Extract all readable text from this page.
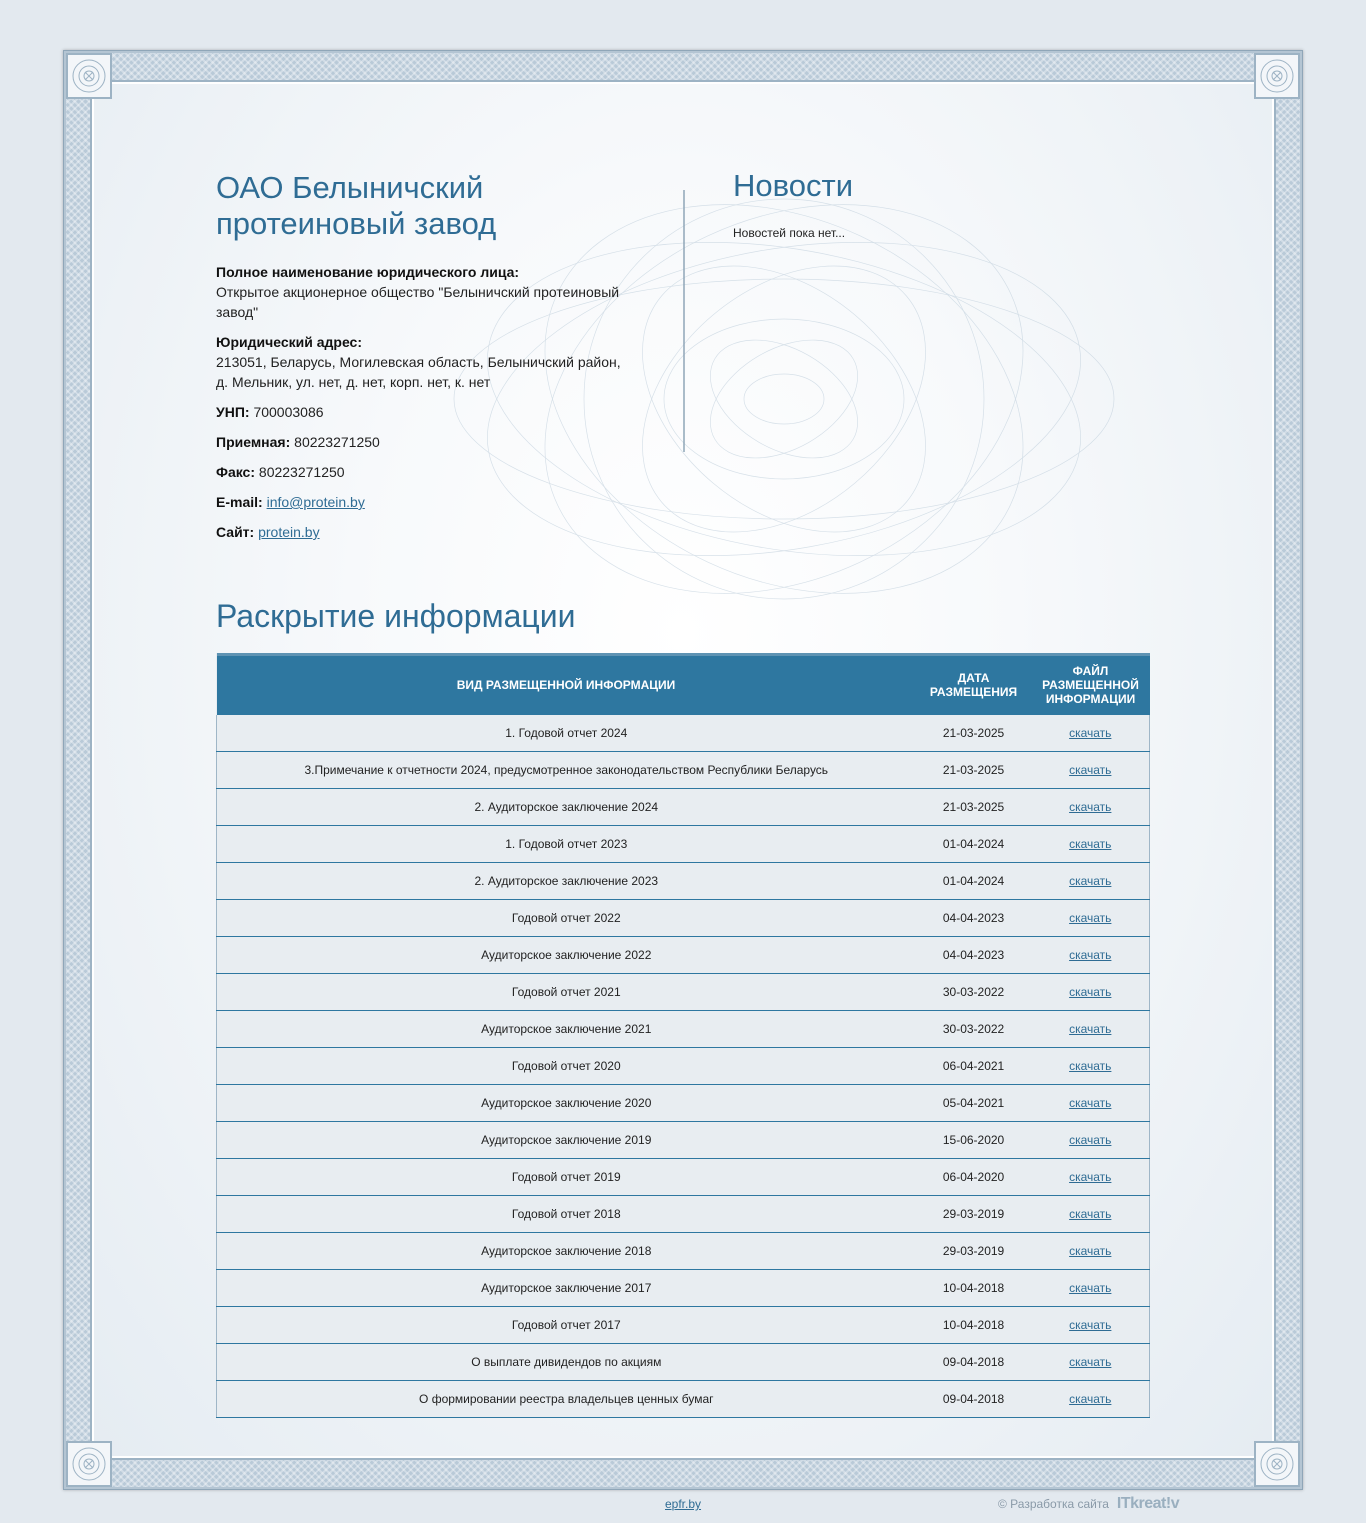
ОАО Белыничский
протеиновый завод
Полное наименование юридического лица:
Открытое акционерное общество "Белыничский протеиновый завод"
Юридический адрес:
213051, Беларусь, Могилевская область, Белыничский район, д. Мельник, ул. нет, д. нет, корп. нет, к. нет
УНП: 700003086
Приемная: 80223271250
Факс: 80223271250
E-mail: info@protein.by
Сайт: protein.by
Новости
Новостей пока нет...
Раскрытие информации
ВИД РАЗМЕЩЕННОЙ ИНФОРМАЦИИ	ДАТА РАЗМЕЩЕНИЯ	ФАЙЛ РАЗМЕЩЕННОЙ ИНФОРМАЦИИ
1. Годовой отчет 2024	21-03-2025	скачать
3.Примечание к отчетности 2024, предусмотренное законодательством Республики Беларусь	21-03-2025	скачать
2. Аудиторское заключение 2024	21-03-2025	скачать
1. Годовой отчет 2023	01-04-2024	скачать
2. Аудиторское заключение 2023	01-04-2024	скачать
Годовой отчет 2022	04-04-2023	скачать
Аудиторское заключение 2022	04-04-2023	скачать
Годовой отчет 2021	30-03-2022	скачать
Аудиторское заключение 2021	30-03-2022	скачать
Годовой отчет 2020	06-04-2021	скачать
Аудиторское заключение 2020	05-04-2021	скачать
Аудиторское заключение 2019	15-06-2020	скачать
Годовой отчет 2019	06-04-2020	скачать
Годовой отчет 2018	29-03-2019	скачать
Аудиторское заключение 2018	29-03-2019	скачать
Аудиторское заключение 2017	10-04-2018	скачать
Годовой отчет 2017	10-04-2018	скачать
О выплате дивидендов по акциям	09-04-2018	скачать
О формировании реестра владельцев ценных бумаг	09-04-2018	скачать
epfr.by	© Разработка сайта ITkreat!v
